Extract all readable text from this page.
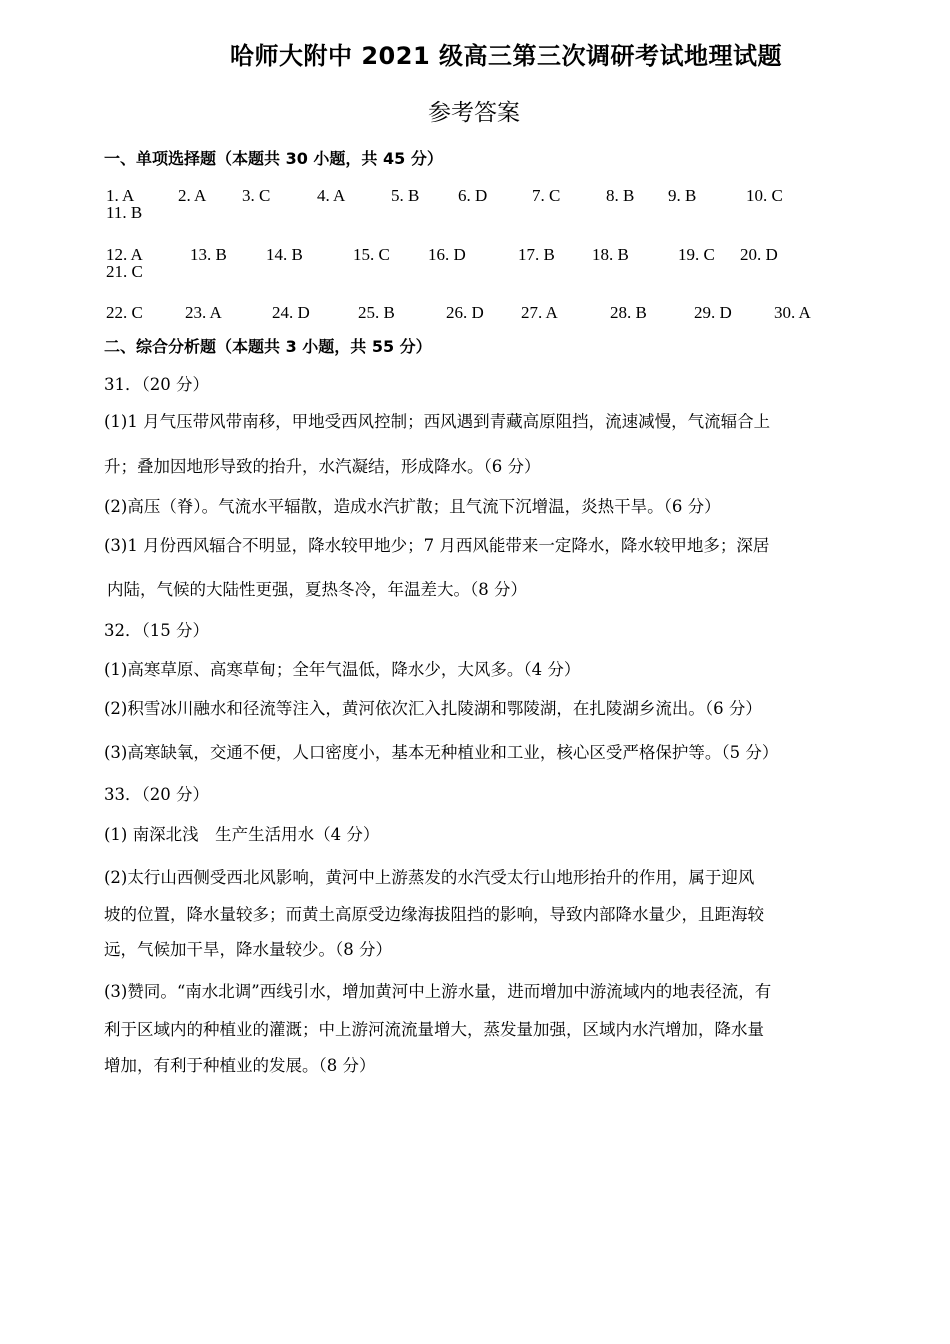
哈师大附中 2021 级高三第三次调研考试地理试题
参考答案
一、单项选择题（本题共 30 小题，共 45 分）
1. A	2. A 3. C	4. A	5. B 6. D	7. C	8. B 9. B	10. C
11. B
12. A	13. B 14. B	15. C 16. D	17. B 18. B	19. C 20. D
21. C
22. C 23. A	24. D	25. B	26. D 27. A	28. B	29. D 30. A
二、综合分析题（本题共 3 小题，共 55 分）
31．（20 分）
(1)1 月气压带风带南移，甲地受西风控制；西风遇到青藏高原阻挡，流速减慢，气流辐合上
升；叠加因地形导致的抬升，水汽凝结，形成降水。（6 分）
(2)高压（脊）。气流水平辐散，造成水汽扩散；且气流下沉增温，炎热干旱。（6 分）
(3)1 月份西风辐合不明显，降水较甲地少；7 月西风能带来一定降水，降水较甲地多；深居
内陆，气候的大陆性更强，夏热冬冷，年温差大。（8 分）
32．（15 分）
(1)高寒草原、高寒草甸；全年气温低，降水少，大风多。（4 分）
(2)积雪冰川融水和径流等注入，黄河依次汇入扎陵湖和鄂陵湖，在扎陵湖乡流出。（6 分）
(3)高寒缺氧，交通不便，人口密度小，基本无种植业和工业，核心区受严格保护等。（5 分）
33．（20 分）
(1) 南深北浅　生产生活用水（4 分）
(2)太行山西侧受西北风影响，黄河中上游蒸发的水汽受太行山地形抬升的作用，属于迎风
坡的位置，降水量较多；而黄土高原受边缘海拔阻挡的影响，导致内部降水量少，且距海较
远，气候加干旱，降水量较少。（8 分）
(3)赞同。“南水北调”西线引水，增加黄河中上游水量，进而增加中游流域内的地表径流，有
利于区域内的种植业的灌溉；中上游河流流量增大，蒸发量加强，区域内水汽增加，降水量
增加，有利于种植业的发展。（8 分）
